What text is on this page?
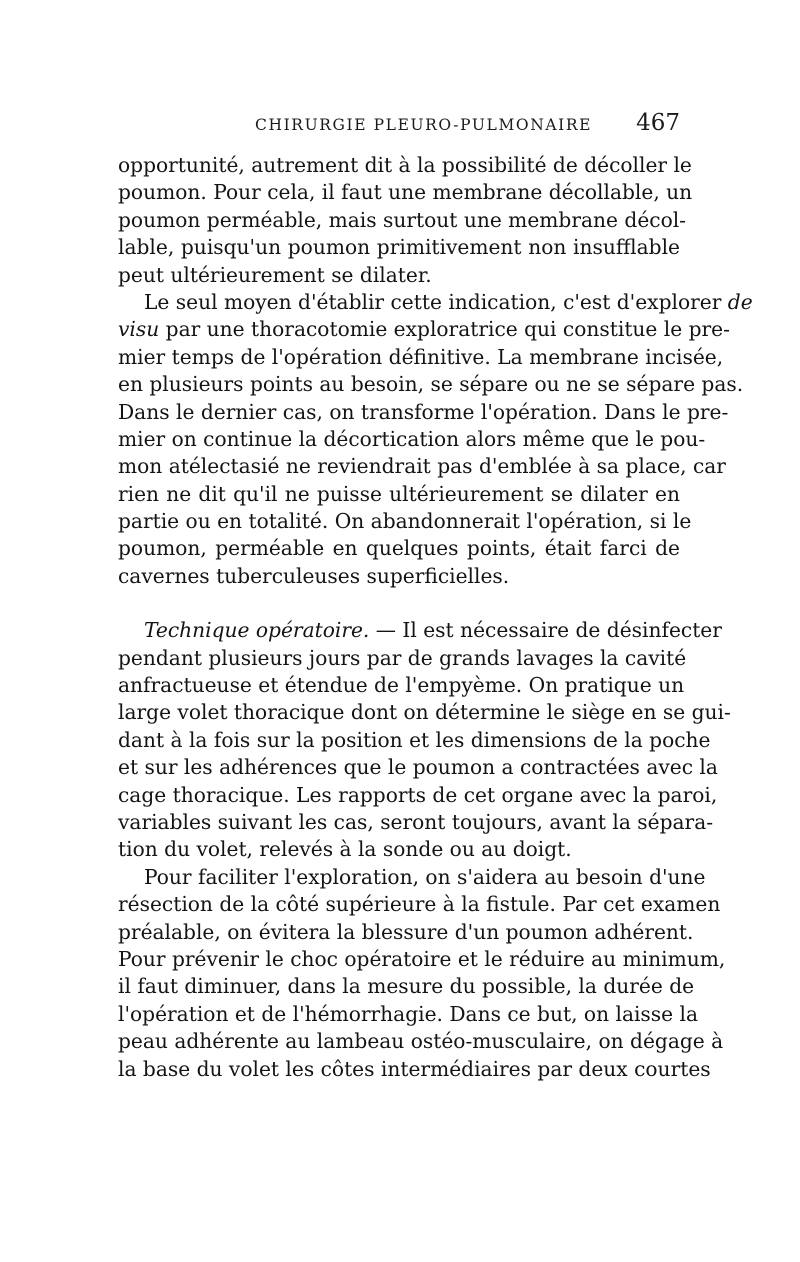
CHIRURGIE PLEURO-PULMONAIRE 467
opportunité, autrement dit à la possibilité de décoller le
poumon. Pour cela, il faut une membrane décollable, un
poumon perméable, mais surtout une membrane décol-
lable, puisqu'un poumon primitivement non insufflable
peut ultérieurement se dilater.
Le seul moyen d'établir cette indication, c'est d'explorer de
visu par une thoracotomie exploratrice qui constitue le pre-
mier temps de l'opération définitive. La membrane incisée,
en plusieurs points au besoin, se sépare ou ne se sépare pas.
Dans le dernier cas, on transforme l'opération. Dans le pre-
mier on continue la décortication alors même que le pou-
mon atélectasié ne reviendrait pas d'emblée à sa place, car
rien ne dit qu'il ne puisse ultérieurement se dilater en
partie ou en totalité. On abandonnerait l'opération, si le
poumon, perméable en quelques points, était farci de
cavernes tuberculeuses superficielles.
Technique opératoire. — Il est nécessaire de désinfecter
pendant plusieurs jours par de grands lavages la cavité
anfractueuse et étendue de l'empyème. On pratique un
large volet thoracique dont on détermine le siège en se gui-
dant à la fois sur la position et les dimensions de la poche
et sur les adhérences que le poumon a contractées avec la
cage thoracique. Les rapports de cet organe avec la paroi,
variables suivant les cas, seront toujours, avant la sépara-
tion du volet, relevés à la sonde ou au doigt.
Pour faciliter l'exploration, on s'aidera au besoin d'une
résection de la côté supérieure à la fistule. Par cet examen
préalable, on évitera la blessure d'un poumon adhérent.
Pour prévenir le choc opératoire et le réduire au minimum,
il faut diminuer, dans la mesure du possible, la durée de
l'opération et de l'hémorrhagie. Dans ce but, on laisse la
peau adhérente au lambeau ostéo-musculaire, on dégage à
la base du volet les côtes intermédiaires par deux courtes
